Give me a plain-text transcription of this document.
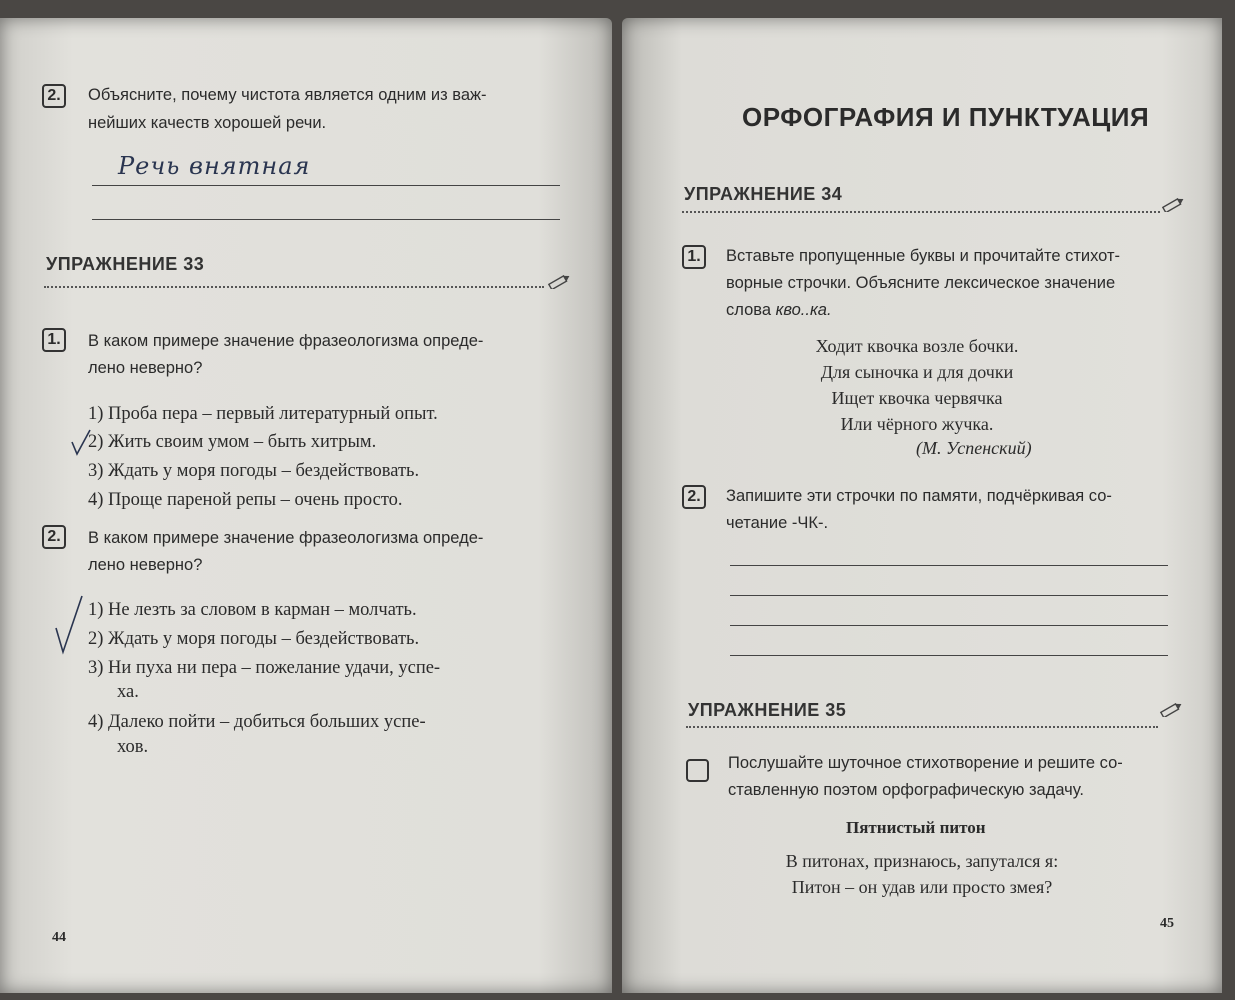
2.	Объясните, почему чистота является одним из важ-
нейших качеств хорошей речи.
Речь внятная
УПРАЖНЕНИЕ 33
1.	В каком примере значение фразеологизма опреде-
лено неверно?
1) Проба пера – первый литературный опыт.
2) Жить своим умом – быть хитрым.
3) Ждать у моря погоды – бездействовать.
4) Проще пареной репы – очень просто.
2.	В каком примере значение фразеологизма опреде-
лено неверно?
1) Не лезть за словом в карман – молчать.
2) Ждать у моря погоды – бездействовать.
3) Ни пуха ни пера – пожелание удачи, успе-
ха.
4) Далеко пойти – добиться больших успе-
хов.
44
ОРФОГРАФИЯ И ПУНКТУАЦИЯ
УПРАЖНЕНИЕ 34
1.	Вставьте пропущенные буквы и прочитайте стихот-
ворные строчки. Объясните лексическое значение
слова кво..ка.
Ходит квочка возле бочки.
Для сыночка и для дочки
Ищет квочка червячка
Или чёрного жучка.
(М. Успенский)
2.	Запишите эти строчки по памяти, подчёркивая со-
четание -ЧК-.
УПРАЖНЕНИЕ 35
Послушайте шуточное стихотворение и решите со-
ставленную поэтом орфографическую задачу.
Пятнистый питон
В питонах, признаюсь, запутался я:
Питон – он удав или просто змея?
45
